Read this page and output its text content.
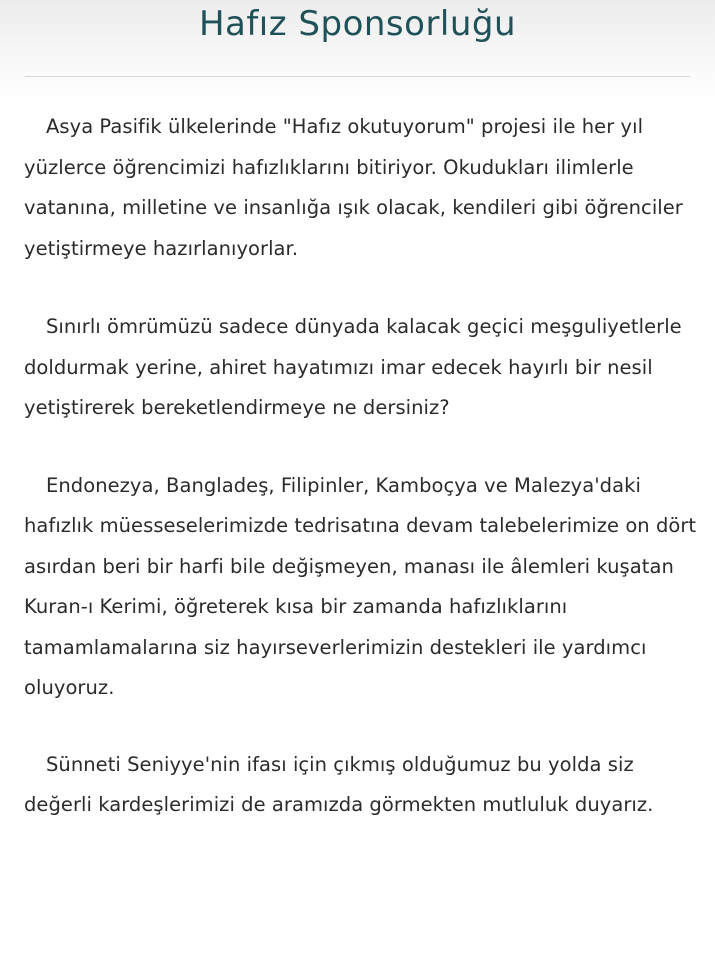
Hafız Sponsorluğu

Asya Pasifik ülkelerinde "Hafız okutuyorum" projesi ile her yıl yüzlerce öğrencimizi hafızlıklarını bitiriyor. Okudukları ilimlerle vatanına, milletine ve insanlığa ışık olacak, kendileri gibi öğrenciler yetiştirmeye hazırlanıyorlar.

Sınırlı ömrümüzü sadece dünyada kalacak geçici meşguliyetlerle doldurmak yerine, ahiret hayatımızı imar edecek hayırlı bir nesil yetiştirerek bereketlendirmeye ne dersiniz?

Endonezya, Bangladeş, Filipinler, Kamboçya ve Malezya'daki hafızlık müesseselerimizde tedrisatına devam talebelerimize on dört asırdan beri bir harfi bile değişmeyen, manası ile âlemleri kuşatan Kuran-ı Kerimi, öğreterek kısa bir zamanda hafızlıklarını tamamlamalarına siz hayırseverlerimizin destekleri ile yardımcı oluyoruz.

Sünneti Seniyye'nin ifası için çıkmış olduğumuz bu yolda siz değerli kardeşlerimizi de aramızda görmekten mutluluk duyarız.
